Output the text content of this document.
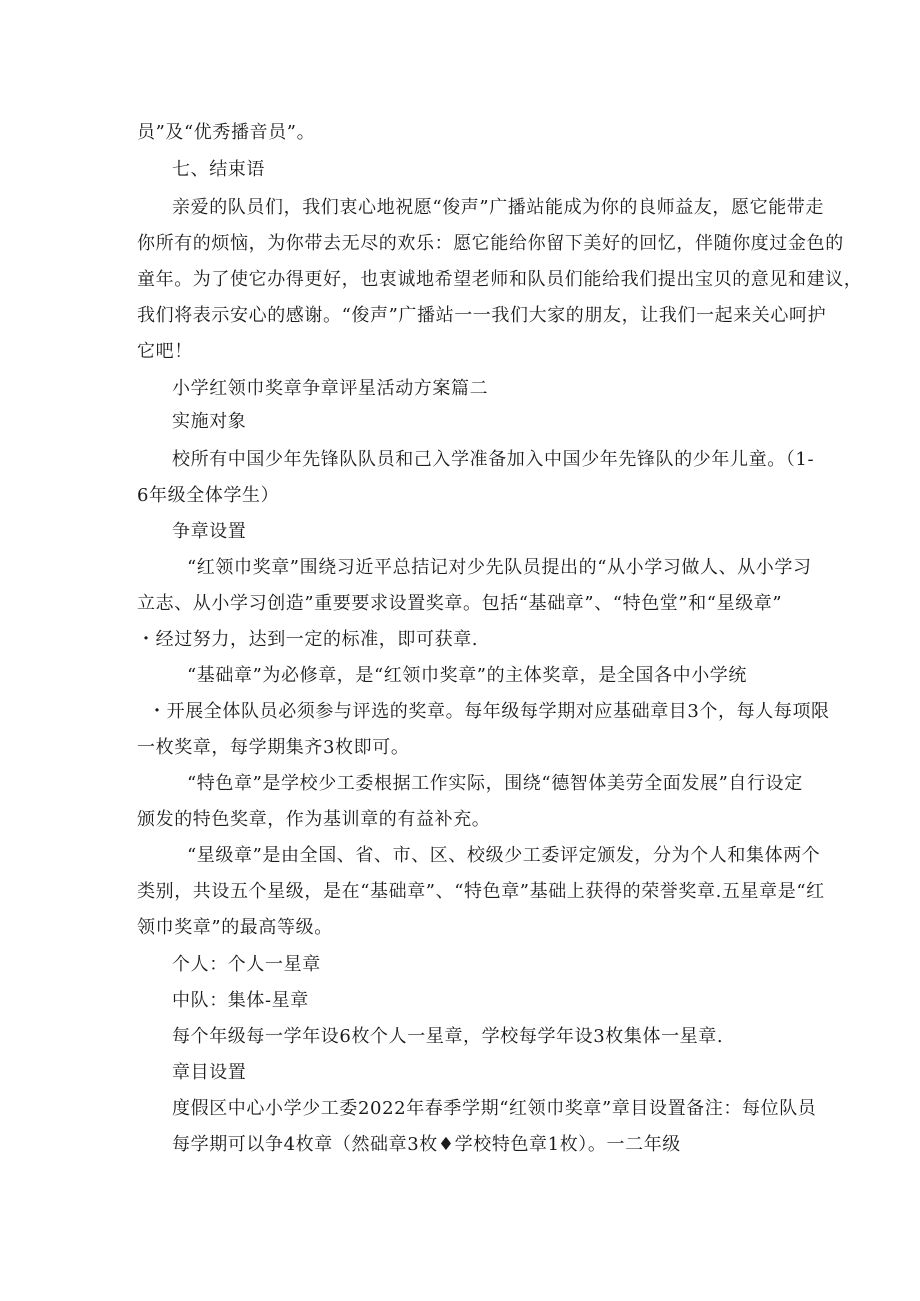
员”及“优秀播音员”。
七、结束语
亲爱的队员们，我们衷心地祝愿“俊声”广播站能成为你的良师益友，愿它能带走
你所有的烦恼，为你带去无尽的欢乐：愿它能给你留下美好的回忆，伴随你度过金色的
童年。为了使它办得更好，也衷诚地希望老师和队员们能给我们提出宝贝的意见和建议，
我们将表示安心的感谢。“俊声”广播站一一我们大家的朋友，让我们一起来关心呵护
它吧！
小学红领巾奖章争章评星活动方案篇二
实施对象
校所有中国少年先锋队队员和己入学准备加入中国少年先锋队的少年儿童。（1-
6年级全体学生）
争章设置
“红领巾奖章”围绕习近平总拮记对少先队员提出的“从小学习做人、从小学习
立志、从小学习创造”重要要求设置奖章。包括“基础章”、“特色堂”和“星级章”
・经过努力，达到一定的标准，即可获章.
“基础章”为必修章，是“红领巾奖章”的主体奖章，是全国各中小学统
・开展全体队员必须参与评选的奖章。每年级每学期对应基础章目3个，每人每项限
一枚奖章，每学期集齐3枚即可。
“特色章”是学校少工委根据工作实际，围绕“德智体美劳全面发展”自行设定
颁发的特色奖章，作为基训章的有益补充。
“星级章”是由全国、省、市、区、校级少工委评定颁发，分为个人和集体两个
类别，共设五个星级，是在“基础章”、“特色章”基础上获得的荣誉奖章.五星章是“红
领巾奖章”的最高等级。
个人：个人一星章
中队：集体-星章
每个年级每一学年设6枚个人一星章，学校每学年设3枚集体一星章.
章目设置
度假区中心小学少工委2022年春季学期“红领巾奖章”章目设置备注：每位队员
每学期可以争4枚章（然础章3枚♦学校特色章1枚）。一二年级
